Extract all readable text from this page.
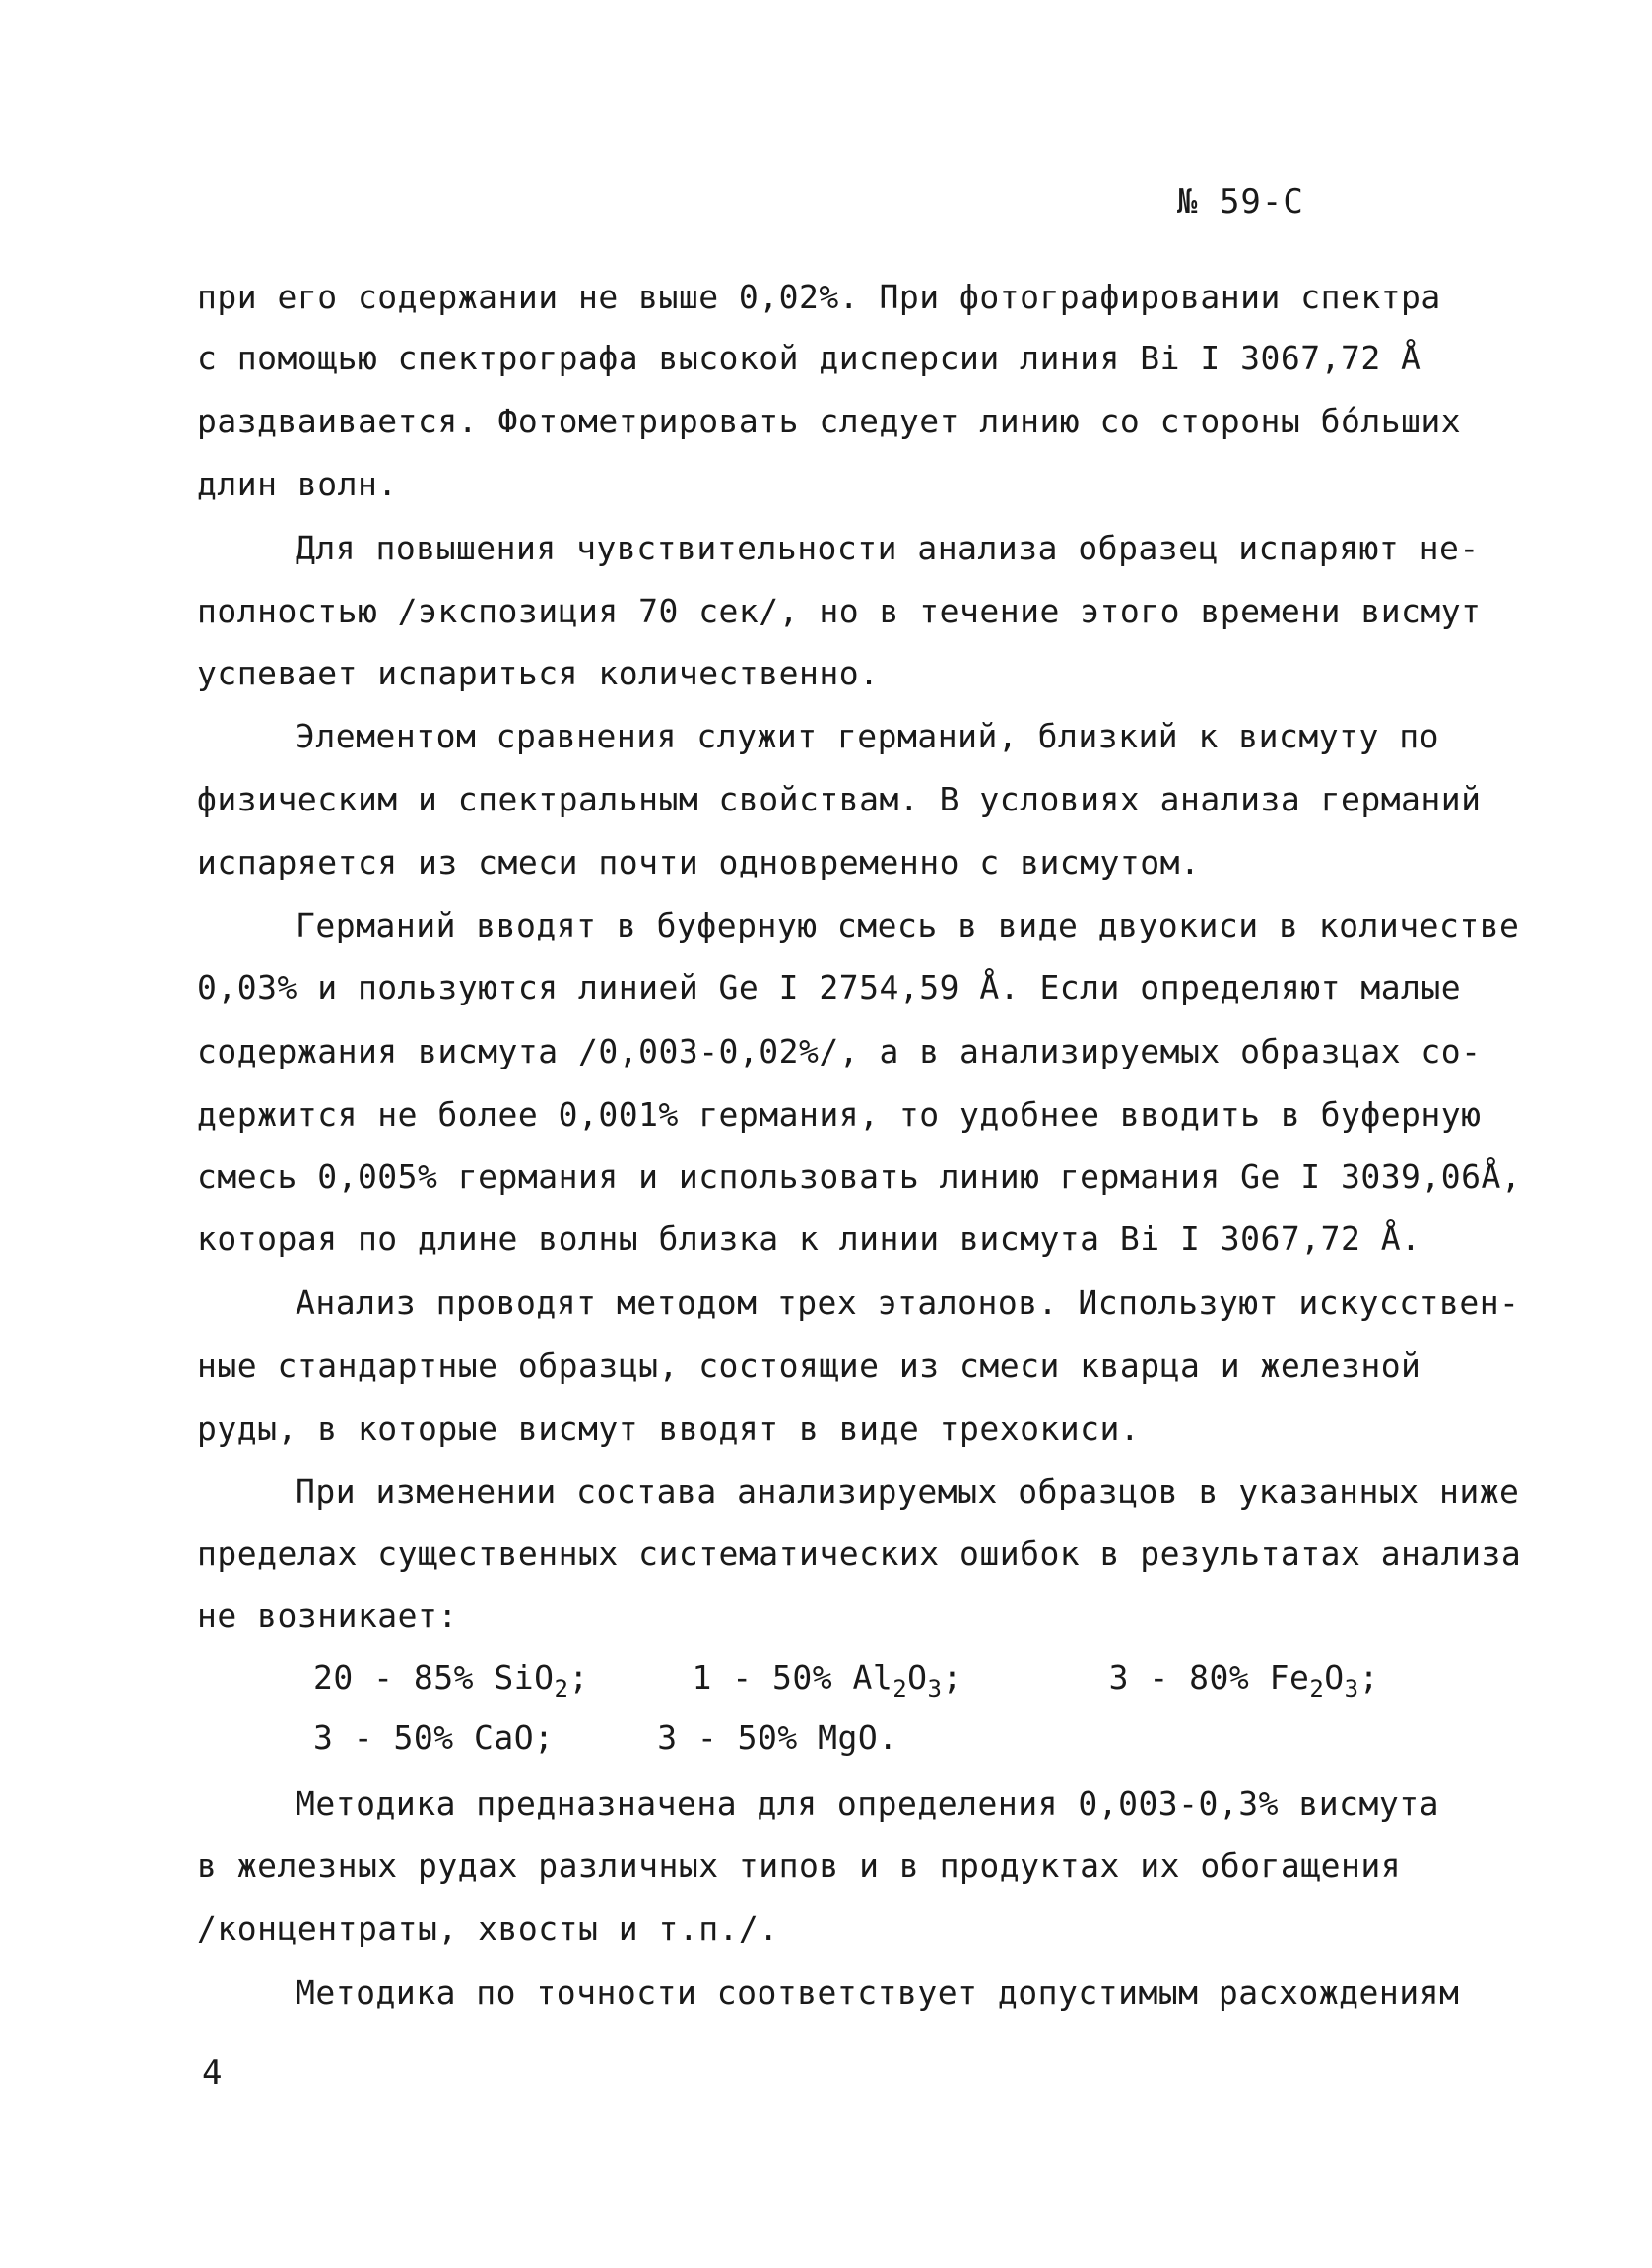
№ 59-С
при его содержании не выше 0,02%. При фотографировании спектра
с помощью спектрографа высокой дисперсии линия Bi I 3067,72 Å
раздваивается. Фотометрировать следует линию со стороны бо́льших
длин волн.
Для повышения чувствительности анализа образец испаряют не-
полностью /экспозиция 70 сек/, но в течение этого времени висмут
успевает испариться количественно.
Элементом сравнения служит германий, близкий к висмуту по
физическим и спектральным свойствам. В условиях анализа германий
испаряется из смеси почти одновременно с висмутом.
Германий вводят в буферную смесь в виде двуокиси в количестве
0,03% и пользуются линией Ge I 2754,59 Å. Если определяют малые
содержания висмута /0,003-0,02%/, а в анализируемых образцах со-
держится не более 0,001% германия, то удобнее вводить в буферную
смесь 0,005% германия и использовать линию германия Ge I 3039,06Å,
которая по длине волны близка к линии висмута Bi I 3067,72 Å.
Анализ проводят методом трех эталонов. Используют искусствен-
ные стандартные образцы, состоящие из смеси кварца и железной
руды, в которые висмут вводят в виде трехокиси.
При изменении состава анализируемых образцов в указанных ниже
пределах существенных систематических ошибок в результатах анализа
не возникает:
20 - 85% SiO$_2$;	1 - 50% $Al_2O_3$;	3 - 80% $Fe_2O_3$;
3 - 50% CaO;	3 - 50% MgO.
Методика предназначена для определения 0,003-0,3% висмута
в железных рудах различных типов и в продуктах их обогащения
/концентраты, хвосты и т.п./.
Методика по точности соответствует допустимым расхождениям
4
